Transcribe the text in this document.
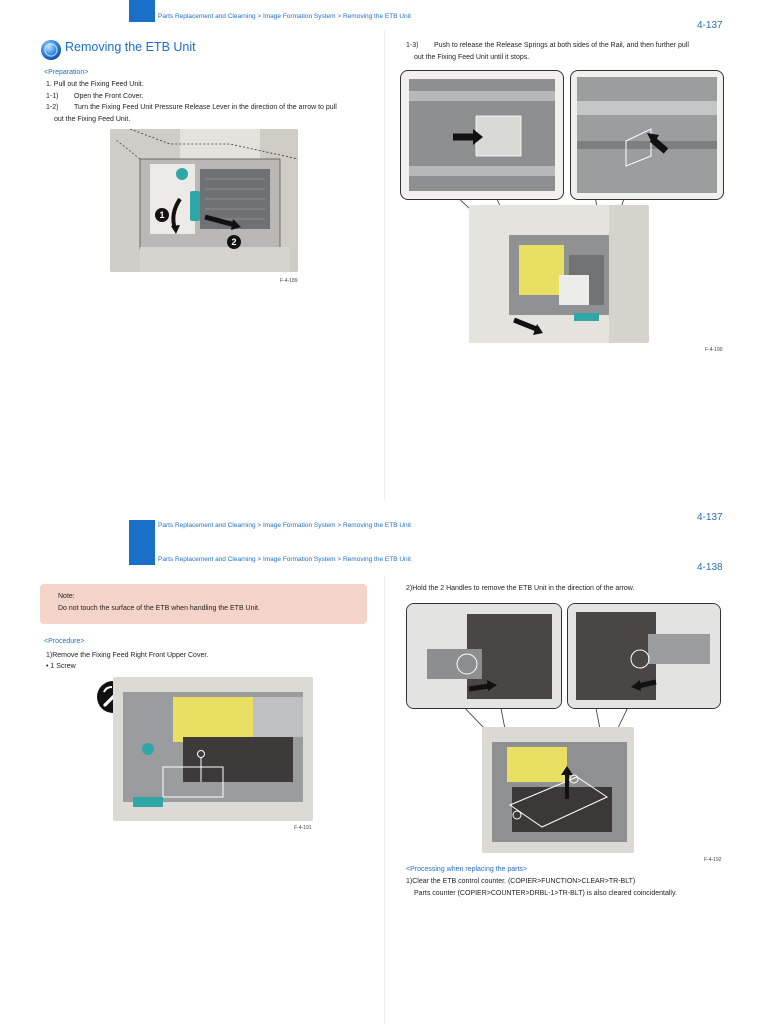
Parts Replacement and Clearning > Image Formation System > Removing the ETB Unit
4-137
Removing the ETB Unit
<Preparation>
1. Pull out the Fixing Feed Unit.
1-1) Open the Front Cover.
1-2) Turn the Fixing Feed Unit Pressure Release Lever in the direction of the arrow to pull
out the Fixing Feed Unit.
1
2
F-4-189
1-3) Push to release the Release Springs at both sides of the Rail, and then further pull
out the Fixing Feed Unit until it stops.
F-4-190
4-137
Parts Replacement and Clearning > Image Formation System > Removing the ETB Unit
Parts Replacement and Clearning > Image Formation System > Removing the ETB Unit
4-138
Note:
Do not touch the surface of the ETB when handling the ETB Unit.
<Procedure>
1)Remove the Fixing Feed Right Front Upper Cover.
• 1 Screw
F-4-191
2)Hold the 2 Handles to remove the ETB Unit in the direction of the arrow.
F-4-192
<Processing when replacing the parts>
1)Clear the ETB control counter. (COPIER>FUNCTION>CLEAR>TR-BLT)
Parts counter (COPIER>COUNTER>DRBL-1>TR-BLT) is also cleared coincidentally.
